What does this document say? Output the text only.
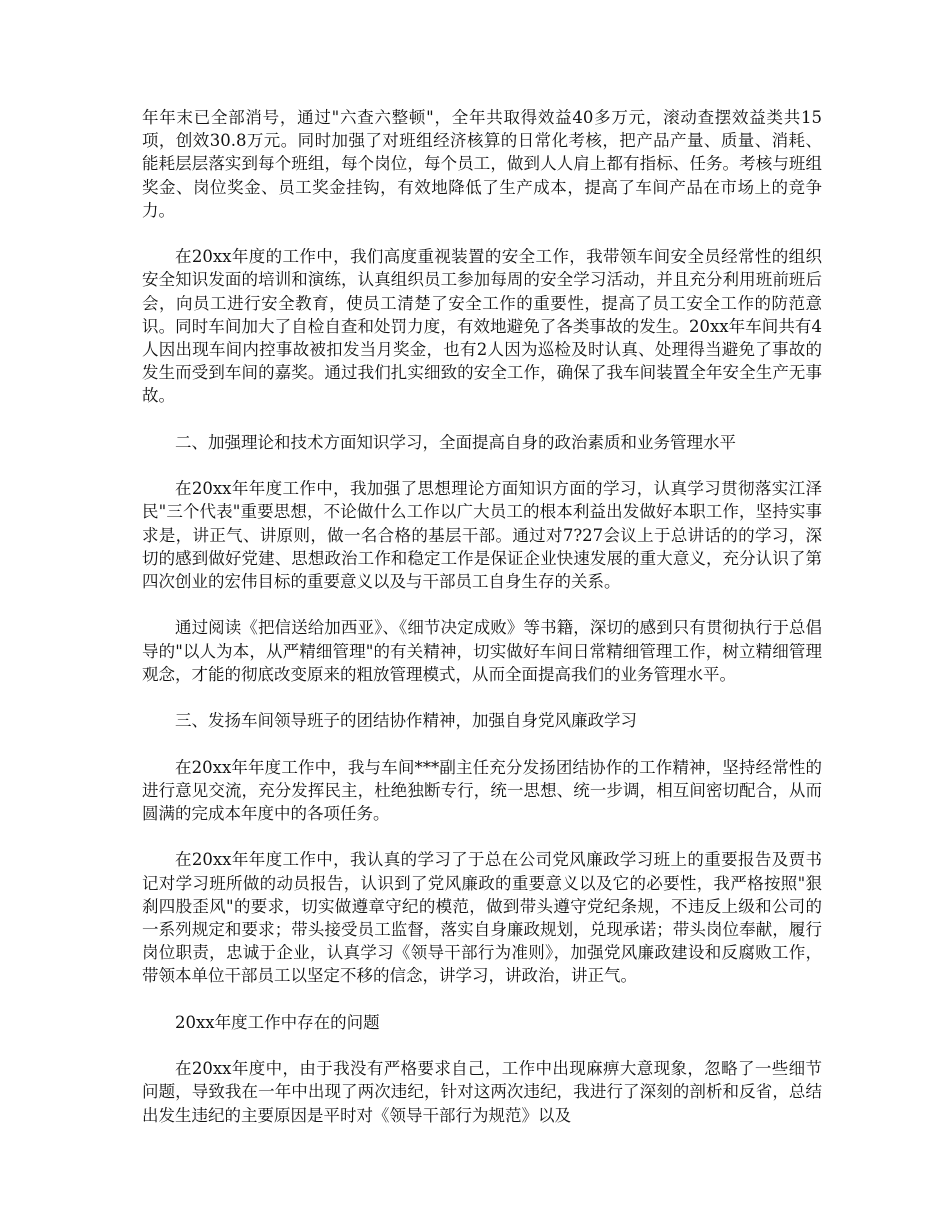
年年末已全部消号，通过"六查六整顿"，全年共取得效益40多万元，滚动查摆效益类共15项，创效30.8万元。同时加强了对班组经济核算的日常化考核，把产品产量、质量、消耗、能耗层层落实到每个班组，每个岗位，每个员工，做到人人肩上都有指标、任务。考核与班组奖金、岗位奖金、员工奖金挂钩，有效地降低了生产成本，提高了车间产品在市场上的竞争力。

在20xx年度的工作中，我们高度重视装置的安全工作，我带领车间安全员经常性的组织安全知识发面的培训和演练，认真组织员工参加每周的安全学习活动，并且充分利用班前班后会，向员工进行安全教育，使员工清楚了安全工作的重要性，提高了员工安全工作的防范意识。同时车间加大了自检自查和处罚力度，有效地避免了各类事故的发生。20xx年车间共有4人因出现车间内控事故被扣发当月奖金，也有2人因为巡检及时认真、处理得当避免了事故的发生而受到车间的嘉奖。通过我们扎实细致的安全工作，确保了我车间装置全年安全生产无事故。

二、加强理论和技术方面知识学习，全面提高自身的政治素质和业务管理水平

在20xx年年度工作中，我加强了思想理论方面知识方面的学习，认真学习贯彻落实江泽民"三个代表"重要思想，不论做什么工作以广大员工的根本利益出发做好本职工作，坚持实事求是，讲正气、讲原则，做一名合格的基层干部。通过对7?27会议上于总讲话的的学习，深切的感到做好党建、思想政治工作和稳定工作是保证企业快速发展的重大意义，充分认识了第四次创业的宏伟目标的重要意义以及与干部员工自身生存的关系。

通过阅读《把信送给加西亚》、《细节决定成败》等书籍，深切的感到只有贯彻执行于总倡导的"以人为本，从严精细管理"的有关精神，切实做好车间日常精细管理工作，树立精细管理观念，才能的彻底改变原来的粗放管理模式，从而全面提高我们的业务管理水平。

三、发扬车间领导班子的团结协作精神，加强自身党风廉政学习

在20xx年年度工作中，我与车间***副主任充分发扬团结协作的工作精神，坚持经常性的进行意见交流，充分发挥民主，杜绝独断专行，统一思想、统一步调，相互间密切配合，从而圆满的完成本年度中的各项任务。

在20xx年年度工作中，我认真的学习了于总在公司党风廉政学习班上的重要报告及贾书记对学习班所做的动员报告，认识到了党风廉政的重要意义以及它的必要性，我严格按照"狠刹四股歪风"的要求，切实做遵章守纪的模范，做到带头遵守党纪条规，不违反上级和公司的一系列规定和要求；带头接受员工监督，落实自身廉政规划，兑现承诺；带头岗位奉献，履行岗位职责，忠诚于企业，认真学习《领导干部行为准则》，加强党风廉政建设和反腐败工作，带领本单位干部员工以坚定不移的信念，讲学习，讲政治，讲正气。

20xx年度工作中存在的问题

在20xx年度中，由于我没有严格要求自己，工作中出现麻痹大意现象，忽略了一些细节问题，导致我在一年中出现了两次违纪，针对这两次违纪，我进行了深刻的剖析和反省，总结出发生违纪的主要原因是平时对《领导干部行为规范》以及
